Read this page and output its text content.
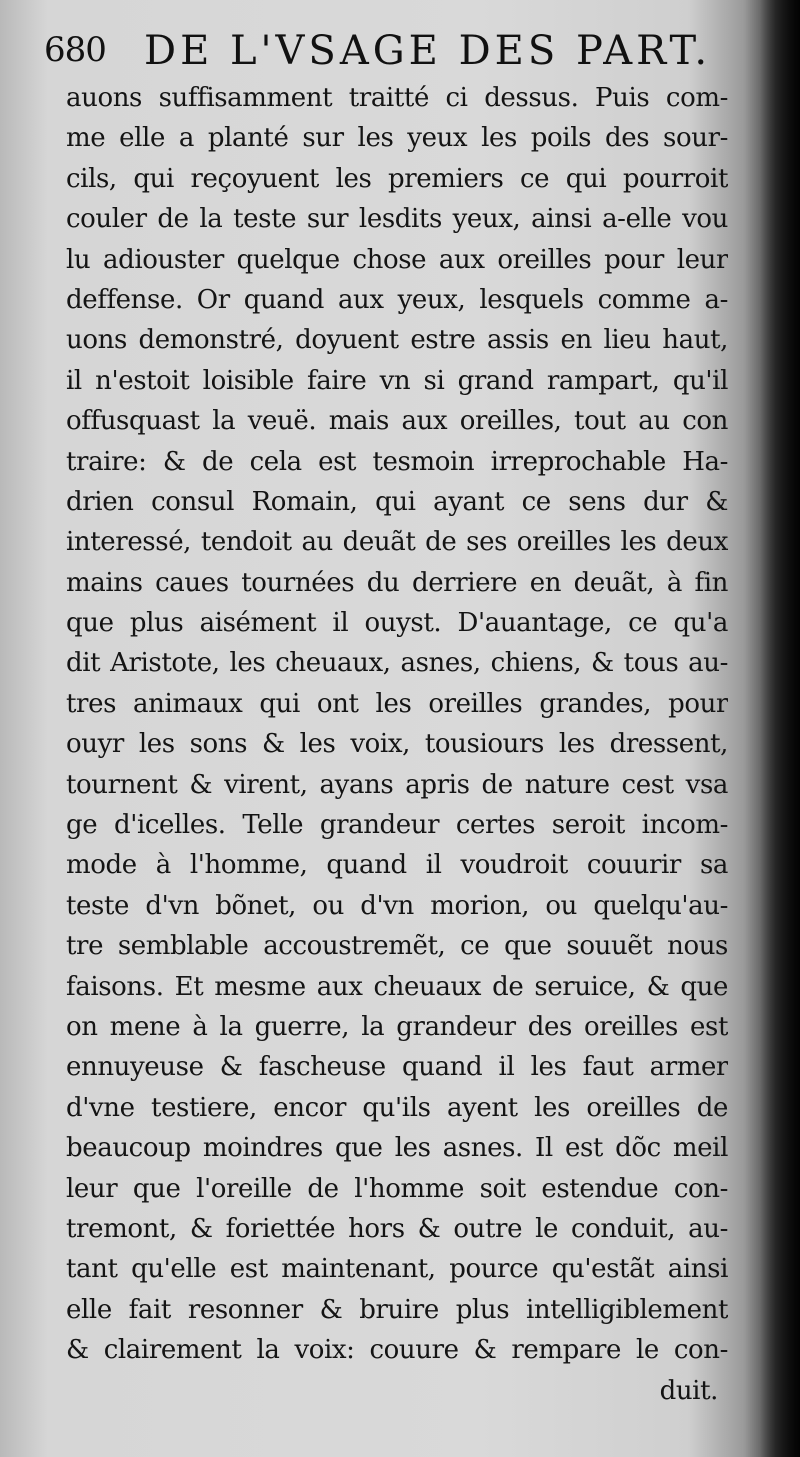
680 DE L'VSAGE DES PART.
auons suffisamment traitté ci dessus. Puis com-
me elle a planté sur les yeux les poils des sour-
cils, qui reçoyuent les premiers ce qui pourroit
couler de la teste sur lesdits yeux, ainsi a-elle vou
lu adiouster quelque chose aux oreilles pour leur
deffense. Or quand aux yeux, lesquels comme a-
uons demonstré, doyuent estre assis en lieu haut,
il n'estoit loisible faire vn si grand rampart, qu'il
offusquast la veuë. mais aux oreilles, tout au con
traire: & de cela est tesmoin irreprochable Ha-
drien consul Romain, qui ayant ce sens dur &
interessé, tendoit au deuãt de ses oreilles les deux
mains caues tournées du derriere en deuãt, à fin
que plus aisément il ouyst. D'auantage, ce qu'a
dit Aristote, les cheuaux, asnes, chiens, & tous au-
tres animaux qui ont les oreilles grandes, pour
ouyr les sons & les voix, tousiours les dressent,
tournent & virent, ayans apris de nature cest vsa
ge d'icelles. Telle grandeur certes seroit incom-
mode à l'homme, quand il voudroit couurir sa
teste d'vn bõnet, ou d'vn morion, ou quelqu'au-
tre semblable accoustremẽt, ce que souuẽt nous
faisons. Et mesme aux cheuaux de seruice, & que
on mene à la guerre, la grandeur des oreilles est
ennuyeuse & fascheuse quand il les faut armer
d'vne testiere, encor qu'ils ayent les oreilles de
beaucoup moindres que les asnes. Il est dõc meil
leur que l'oreille de l'homme soit estendue con-
tremont, & foriettée hors & outre le conduit, au-
tant qu'elle est maintenant, pource qu'estãt ainsi
elle fait resonner & bruire plus intelligiblement
& clairement la voix: couure & rempare le con-
duit.
